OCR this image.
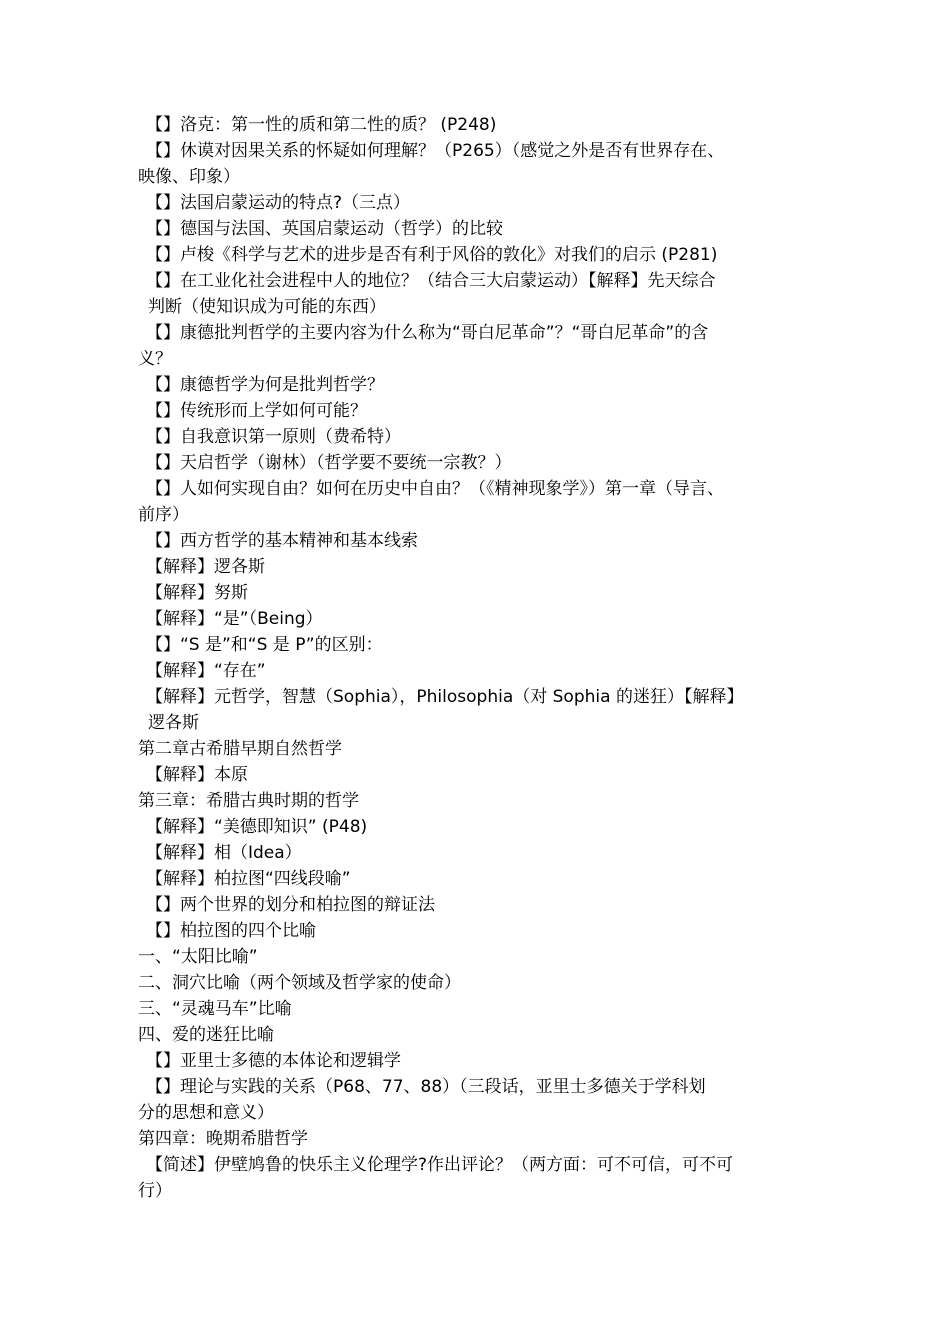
【】洛克：第一性的质和第二性的质？ (P248)
【】休谟对因果关系的怀疑如何理解？（P265）（感觉之外是否有世界存在、
映像、印象）
【】法国启蒙运动的特点?（三点）
【】德国与法国、英国启蒙运动（哲学）的比较
【】卢梭《科学与艺术的进步是否有利于风俗的敦化》对我们的启示 (P281)
【】在工业化社会进程中人的地位？（结合三大启蒙运动）【解释】先天综合
判断（使知识成为可能的东西）
【】康德批判哲学的主要内容为什么称为“哥白尼革命”？“哥白尼革命”的含
义？
【】康德哲学为何是批判哲学？
【】传统形而上学如何可能？
【】自我意识第一原则（费希特）
【】天启哲学（谢林）（哲学要不要统一宗教？）
【】人如何实现自由？如何在历史中自由？（《精神现象学》）第一章（导言、
前序）
【】西方哲学的基本精神和基本线索
【解释】逻各斯
【解释】努斯
【解释】“是”（Being）
【】“S 是”和“S 是 P”的区别：
【解释】“存在”
【解释】元哲学，智慧（Sophia），Philosophia（对 Sophia 的迷狂）【解释】
逻各斯
第二章古希腊早期自然哲学
【解释】本原
第三章：希腊古典时期的哲学
【解释】“美德即知识” (P48)
【解释】相（Idea）
【解释】柏拉图“四线段喻”
【】两个世界的划分和柏拉图的辩证法
【】柏拉图的四个比喻
一、“太阳比喻”
二、洞穴比喻（两个领域及哲学家的使命）
三、“灵魂马车”比喻
四、爱的迷狂比喻
【】亚里士多德的本体论和逻辑学
【】理论与实践的关系（P68、77、88）（三段话，亚里士多德关于学科划
分的思想和意义）
第四章：晚期希腊哲学
【简述】伊壁鸠鲁的快乐主义伦理学?作出评论？（两方面：可不可信，可不可
行）
